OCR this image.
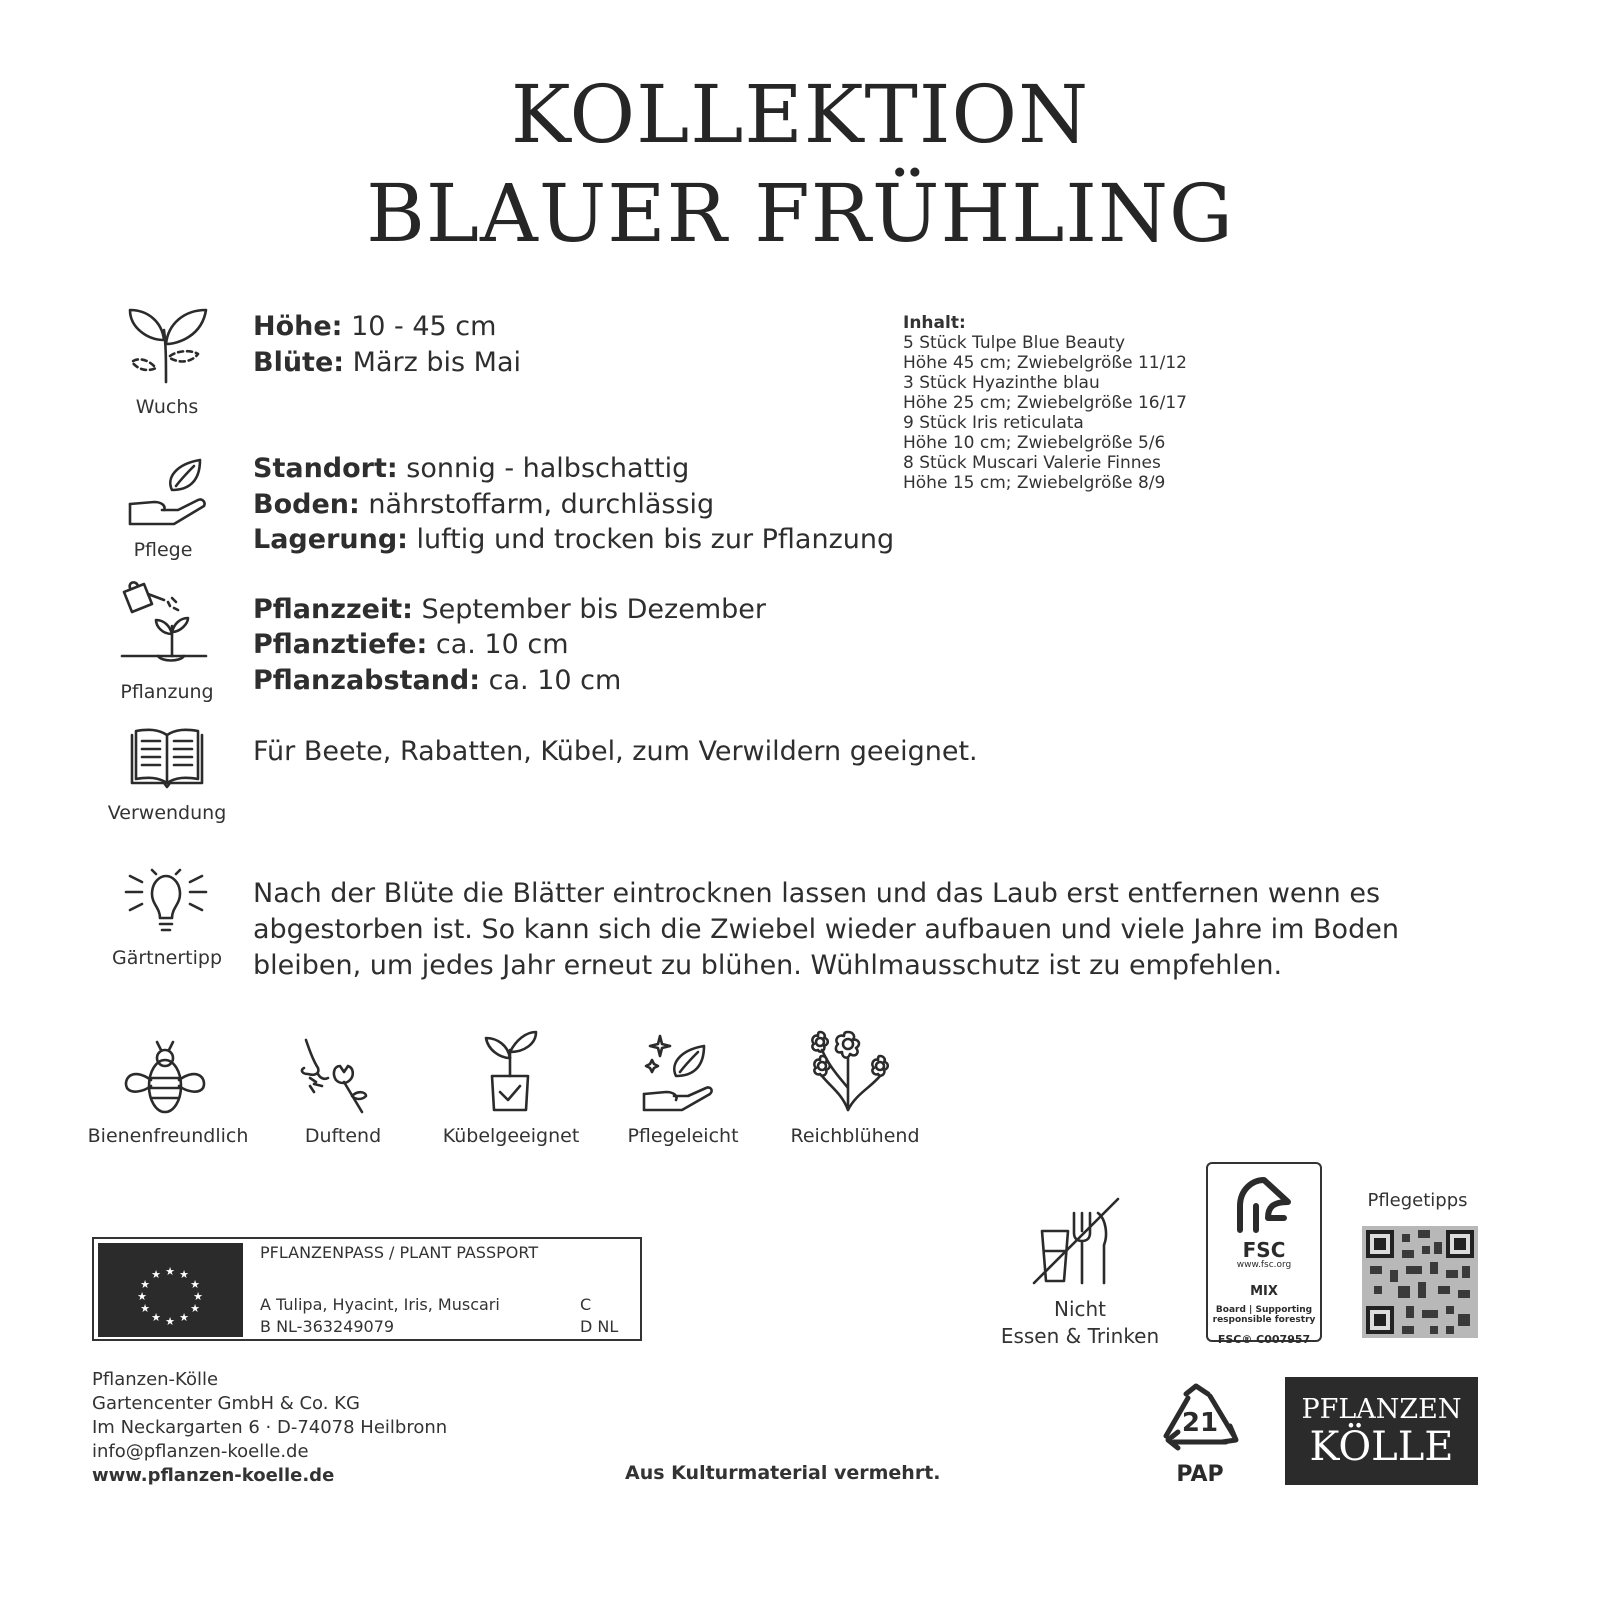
KOLLEKTION
BLAUER FRÜHLING
Wuchs
Höhe: 10 - 45 cm
Blüte: März bis Mai
Inhalt:
5 Stück Tulpe Blue Beauty
Höhe 45 cm; Zwiebelgröße 11/12
3 Stück Hyazinthe blau
Höhe 25 cm; Zwiebelgröße 16/17
9 Stück Iris reticulata
Höhe 10 cm; Zwiebelgröße 5/6
8 Stück Muscari Valerie Finnes
Höhe 15 cm; Zwiebelgröße 8/9
Pflege
Standort: sonnig - halbschattig
Boden: nährstoffarm, durchlässig
Lagerung: luftig und trocken bis zur Pflanzung
Pflanzung
Pflanzzeit: September bis Dezember
Pflanztiefe: ca. 10 cm
Pflanzabstand: ca. 10 cm
Verwendung
Für Beete, Rabatten, Kübel, zum Verwildern geeignet.
Gärtnertipp
Nach der Blüte die Blätter eintrocknen lassen und das Laub erst entfernen wenn es
abgestorben ist. So kann sich die Zwiebel wieder aufbauen und viele Jahre im Boden
bleiben, um jedes Jahr erneut zu blühen. Wühlmausschutz ist zu empfehlen.
Bienenfreundlich	Duftend	Kübelgeeignet	Pflegeleicht	Reichblühend
★ ★
★
★
★
★
★
★
★
★
★
★
PFLANZENPASS / PLANT PASSPORT
A Tulipa, Hyacint, Iris, Muscari
B NL-363249079
C
D NL
Nicht
Essen & Trinken
FSC
www.fsc.org
MIX
Board | Supporting
responsible forestry
FSC® C007957
Pflegetipps
21
PAP
PFLANZEN
KÖLLE
Pflanzen-Kölle
Gartencenter GmbH & Co. KG
Im Neckargarten 6 · D-74078 Heilbronn
info@pflanzen-koelle.de
www.pflanzen-koelle.de	Aus Kulturmaterial vermehrt.
